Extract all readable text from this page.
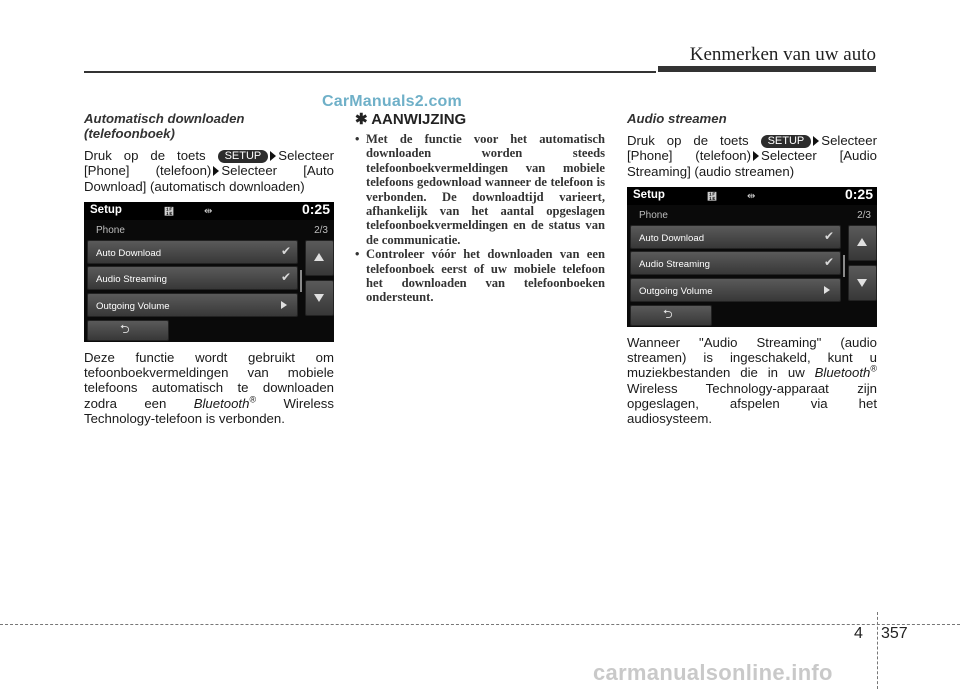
Kenmerken van uw auto
CarManuals2.com
Automatisch downloaden
(telefoonboek)

Druk op de toets SETUP Selecteer [Phone] (telefoon) Selecteer [Auto Download] (automatisch downloaden)

Setup	἞	⇹	0:25
Phone	2/3
Auto Download	✔
Audio Streaming	✔
Outgoing Volume
⮌

Deze functie wordt gebruikt om tefoonboekvermeldingen van mobiele telefoons automatisch te downloaden zodra een Bluetooth® Wireless Technology-telefoon is verbonden.

✱ AANWIJZING
• Met de functie voor het automatisch downloaden worden steeds telefoonboekvermeldingen van mobiele telefoons gedownload wanneer de telefoon is verbonden. De downloadtijd varieert, afhankelijk van het aantal opgeslagen telefoonboekvermeldingen en de status van de communicatie.
• Controleer vóór het downloaden van een telefoonboek eerst of uw mobiele telefoon het downloaden van telefoonboeken ondersteunt.
Audio streamen

Druk op de toets SETUP Selecteer [Phone] (telefoon) Selecteer [Audio Streaming] (audio streamen)

Setup	἞	⇹	0:25
Phone	2/3
Auto Download	✔
Audio Streaming	✔
Outgoing Volume
⮌

Wanneer "Audio Streaming" (audio streamen) is ingeschakeld, kunt u muziekbestanden die in uw Bluetooth® Wireless Technology-apparaat zijn opgeslagen, afspelen via het audiosysteem.

4 357
carmanualsonline.info
